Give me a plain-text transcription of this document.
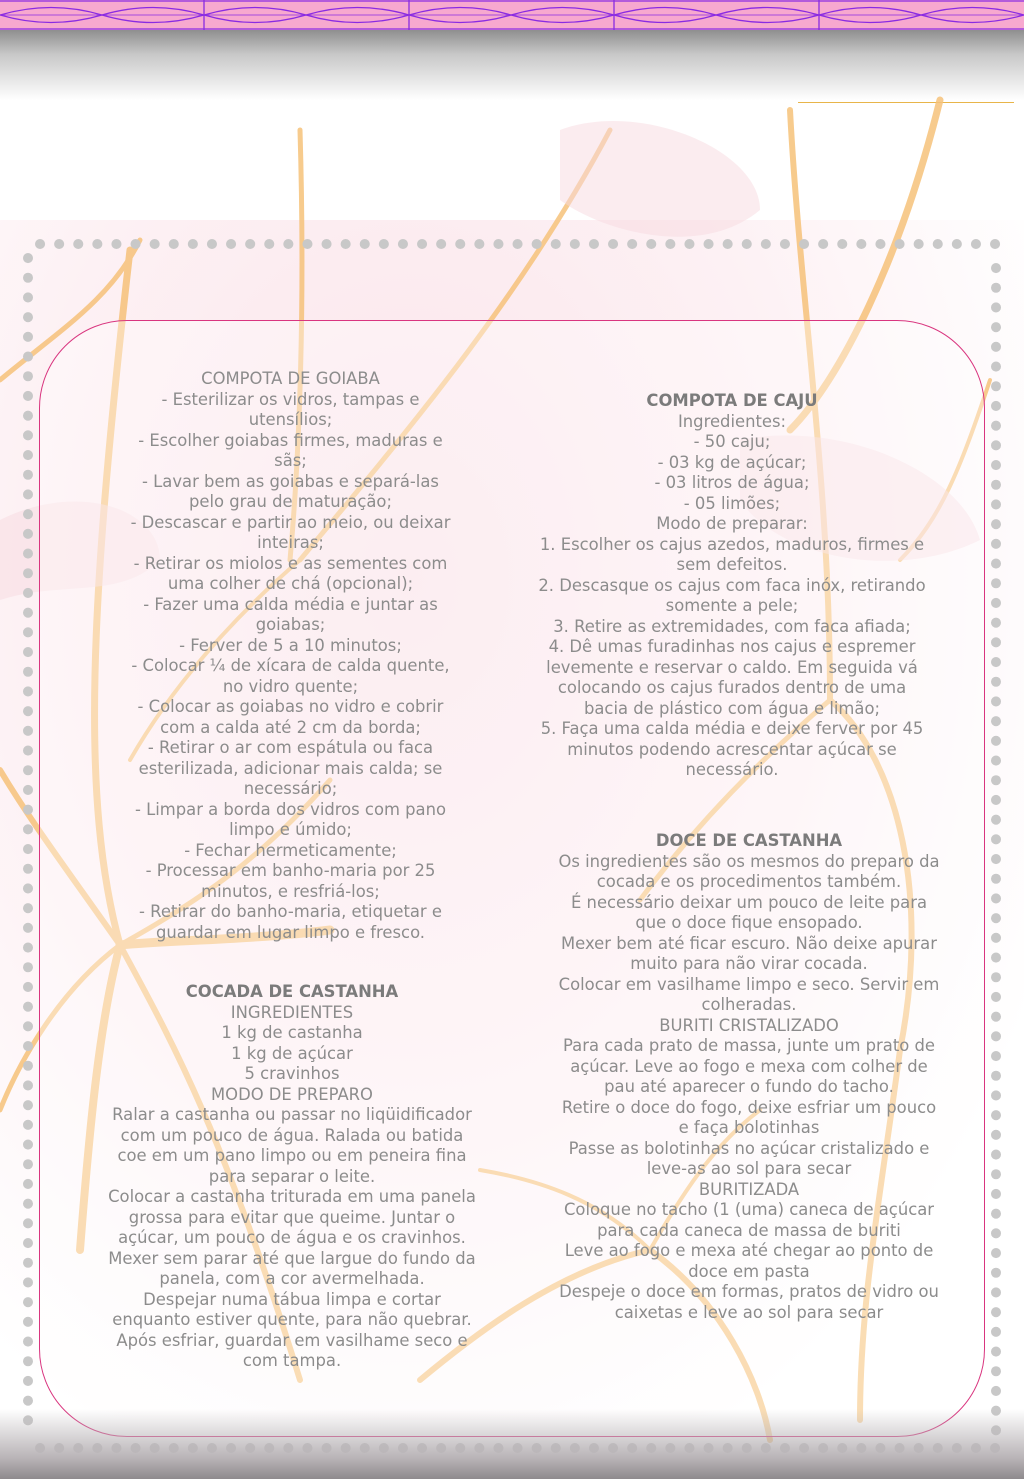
COMPOTA DE GOIABA
- Esterilizar os vidros, tampas e
utensílios;
- Escolher goiabas firmes, maduras e
sãs;
- Lavar bem as goiabas e separá-las
pelo grau de maturação;
- Descascar e partir ao meio, ou deixar
inteiras;
- Retirar os miolos e as sementes com
uma colher de chá (opcional);
- Fazer uma calda média e juntar as
goiabas;
- Ferver de 5 a 10 minutos;
- Colocar ¼ de xícara de calda quente,
no vidro quente;
- Colocar as goiabas no vidro e cobrir
com a calda até 2 cm da borda;
- Retirar o ar com espátula ou faca
esterilizada, adicionar mais calda; se
necessário;
- Limpar a borda dos vidros com pano
limpo e úmido;
- Fechar hermeticamente;
- Processar em banho-maria por 25
minutos, e resfriá-los;
- Retirar do banho-maria, etiquetar e
guardar em lugar limpo e fresco.
COCADA DE CASTANHA
INGREDIENTES
1 kg de castanha
1 kg de açúcar
5 cravinhos
MODO DE PREPARO
Ralar a castanha ou passar no liqüidificador
com um pouco de água. Ralada ou batida
coe em um pano limpo ou em peneira fina
para separar o leite.
Colocar a castanha triturada em uma panela
grossa para evitar que queime. Juntar o
açúcar, um pouco de água e os cravinhos.
Mexer sem parar até que largue do fundo da
panela, com a cor avermelhada.
Despejar numa tábua limpa e cortar
enquanto estiver quente, para não quebrar.
Após esfriar, guardar em vasilhame seco e
com tampa.
COMPOTA DE CAJU
Ingredientes:
- 50 caju;
- 03 kg de açúcar;
- 03 litros de água;
- 05 limões;
Modo de preparar:
1. Escolher os cajus azedos, maduros, firmes e
sem defeitos.
2. Descasque os cajus com faca inóx, retirando
somente a pele;
3. Retire as extremidades, com faca afiada;
4. Dê umas furadinhas nos cajus e espremer
levemente e reservar o caldo. Em seguida vá
colocando os cajus furados dentro de uma
bacia de plástico com água e limão;
5. Faça uma calda média e deixe ferver por 45
minutos podendo acrescentar açúcar se
necessário.
DOCE DE CASTANHA
Os ingredientes são os mesmos do preparo da
cocada e os procedimentos também.
É necessário deixar um pouco de leite para
que o doce fique ensopado.
Mexer bem até ficar escuro. Não deixe apurar
muito para não virar cocada.
Colocar em vasilhame limpo e seco. Servir em
colheradas.
BURITI CRISTALIZADO
Para cada prato de massa, junte um prato de
açúcar. Leve ao fogo e mexa com colher de
pau até aparecer o fundo do tacho.
Retire o doce do fogo, deixe esfriar um pouco
e faça bolotinhas
Passe as bolotinhas no açúcar cristalizado e
leve-as ao sol para secar
BURITIZADA
Coloque no tacho (1 (uma) caneca de açúcar
para cada caneca de massa de buriti
Leve ao fogo e mexa até chegar ao ponto de
doce em pasta
Despeje o doce em formas, pratos de vidro ou
caixetas e leve ao sol para secar
